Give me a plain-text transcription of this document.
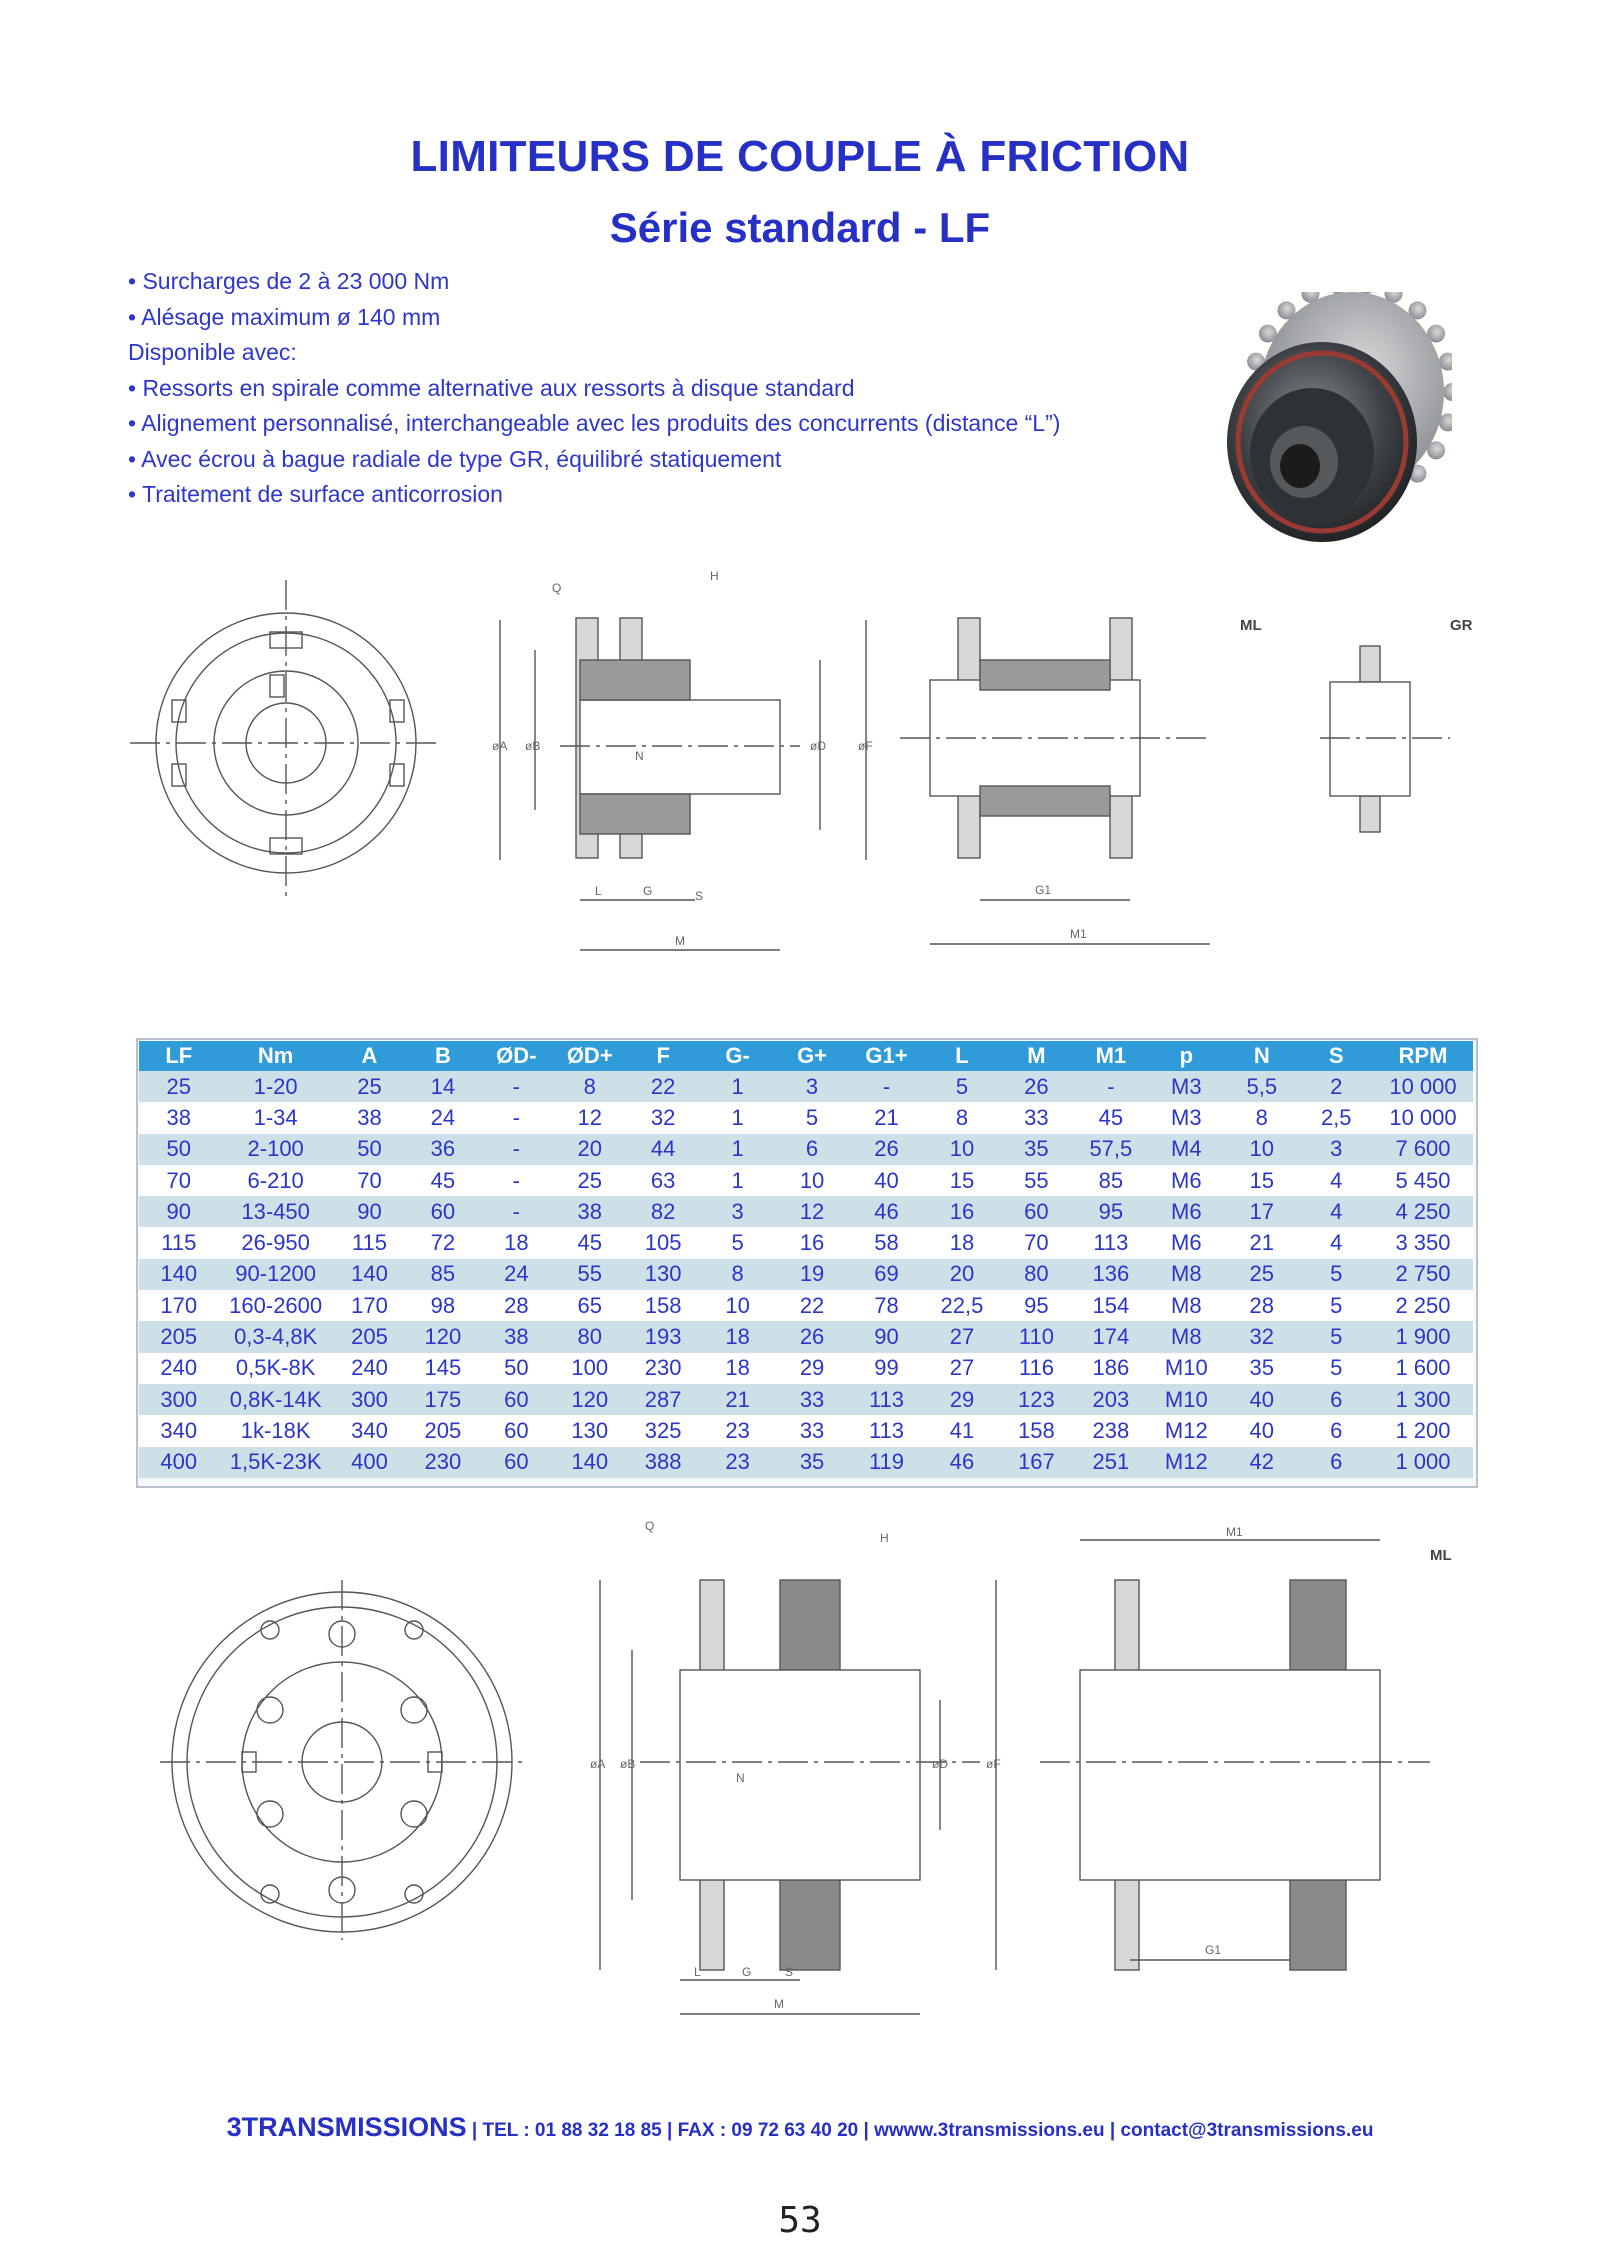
LIMITEURS DE COUPLE À FRICTION
Série standard - LF
• Surcharges de 2 à 23 000 Nm
• Alésage maximum ø 140 mm
Disponible avec:
• Ressorts en spirale comme alternative aux ressorts à disque standard
• Alignement personnalisé, interchangeable avec les produits des concurrents (distance “L”)
• Avec écrou à bague radiale de type GR, équilibré statiquement
• Traitement de surface anticorrosion
Q
H
øA øB
N
øD	øF
L	G	S
M
G1
M1
ML	GR
LF	Nm	A	B	ØD-	ØD+	F	G-	G+	G1+	L	M	M1	p	N	S	RPM
25	1-20	25	14	-	8	22	1	3	-	5	26	-	M3	5,5	2	10 000
38	1-34	38	24	-	12	32	1	5	21	8	33	45	M3	8	2,5	10 000
50	2-100	50	36	-	20	44	1	6	26	10	35	57,5	M4	10	3	7 600
70	6-210	70	45	-	25	63	1	10	40	15	55	85	M6	15	4	5 450
90	13-450	90	60	-	38	82	3	12	46	16	60	95	M6	17	4	4 250
115	26-950	115	72	18	45	105	5	16	58	18	70	113	M6	21	4	3 350
140	90-1200	140	85	24	55	130	8	19	69	20	80	136	M8	25	5	2 750
170	160-2600	170	98	28	65	158	10	22	78	22,5	95	154	M8	28	5	2 250
205	0,3-4,8K	205	120	38	80	193	18	26	90	27	110	174	M8	32	5	1 900
240	0,5K-8K	240	145	50	100	230	18	29	99	27	116	186	M10	35	5	1 600
300	0,8K-14K	300	175	60	120	287	21	33	113	29	123	203	M10	40	6	1 300
340	1k-18K	340	205	60	130	325	23	33	113	41	158	238	M12	40	6	1 200
400	1,5K-23K	400	230	60	140	388	23	35	119	46	167	251	M12	42	6	1 000
Q
H
øA øB
N
øD	øF
L	G	S
M
M1
G1
ML
3TRANSMISSIONS | TEL : 01 88 32 18 85 | FAX : 09 72 63 40 20 | wwww.3transmissions.eu | contact@3transmissions.eu
53
